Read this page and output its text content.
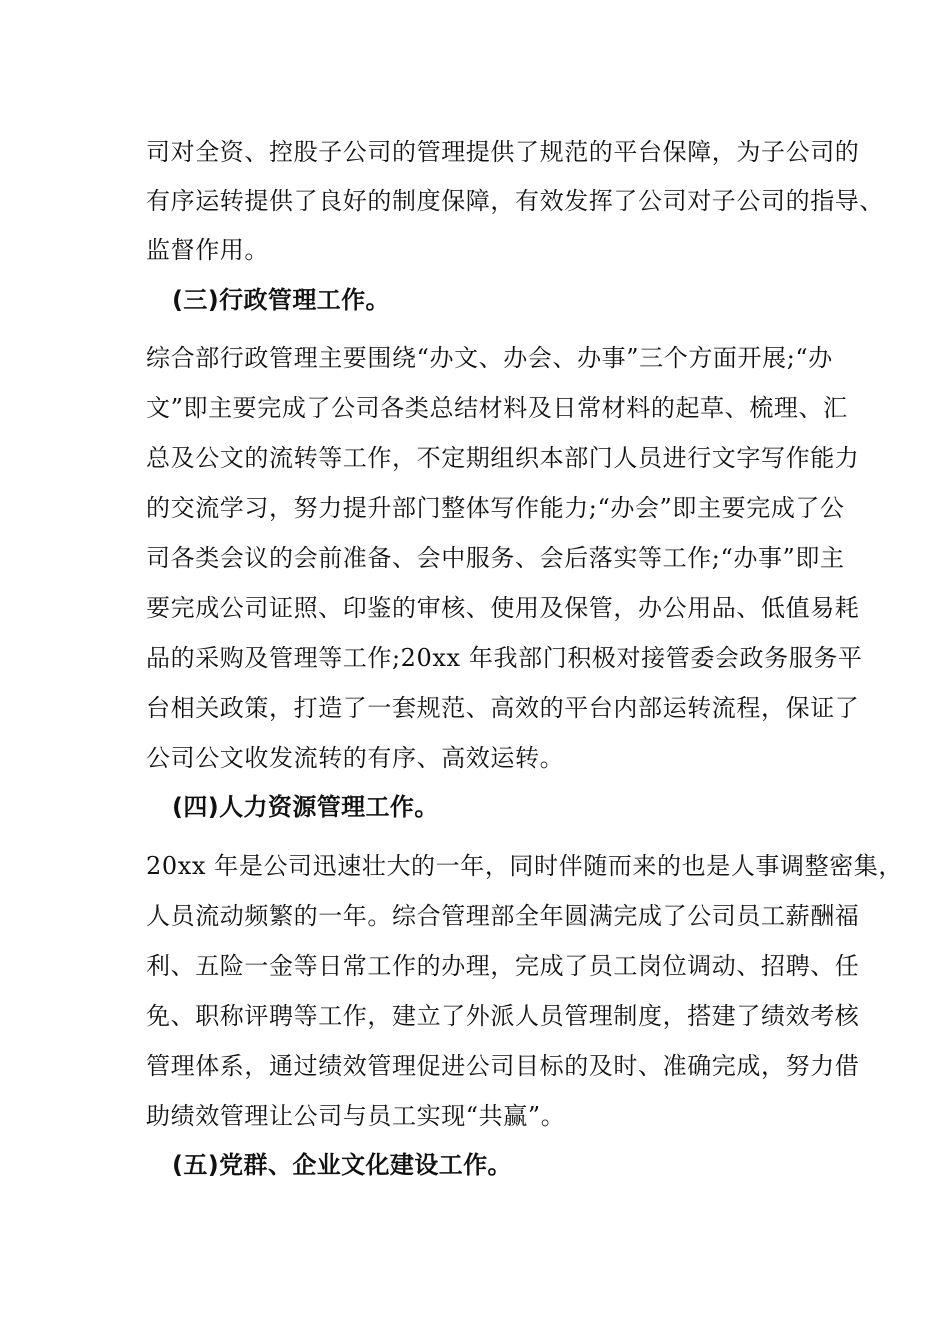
司对全资、控股子公司的管理提供了规范的平台保障，为子公司的
有序运转提供了良好的制度保障，有效发挥了公司对子公司的指导、
监督作用。
(三)行政管理工作。
综合部行政管理主要围绕“办文、办会、办事”三个方面开展;“办
文”即主要完成了公司各类总结材料及日常材料的起草、梳理、汇
总及公文的流转等工作，不定期组织本部门人员进行文字写作能力
的交流学习，努力提升部门整体写作能力;“办会”即主要完成了公
司各类会议的会前准备、会中服务、会后落实等工作;“办事”即主
要完成公司证照、印鉴的审核、使用及保管，办公用品、低值易耗
品的采购及管理等工作;20xx 年我部门积极对接管委会政务服务平
台相关政策，打造了一套规范、高效的平台内部运转流程，保证了
公司公文收发流转的有序、高效运转。
(四)人力资源管理工作。
20xx 年是公司迅速壮大的一年，同时伴随而来的也是人事调整密集，
人员流动频繁的一年。综合管理部全年圆满完成了公司员工薪酬福
利、五险一金等日常工作的办理，完成了员工岗位调动、招聘、任
免、职称评聘等工作，建立了外派人员管理制度，搭建了绩效考核
管理体系，通过绩效管理促进公司目标的及时、准确完成，努力借
助绩效管理让公司与员工实现“共赢”。
(五)党群、企业文化建设工作。
